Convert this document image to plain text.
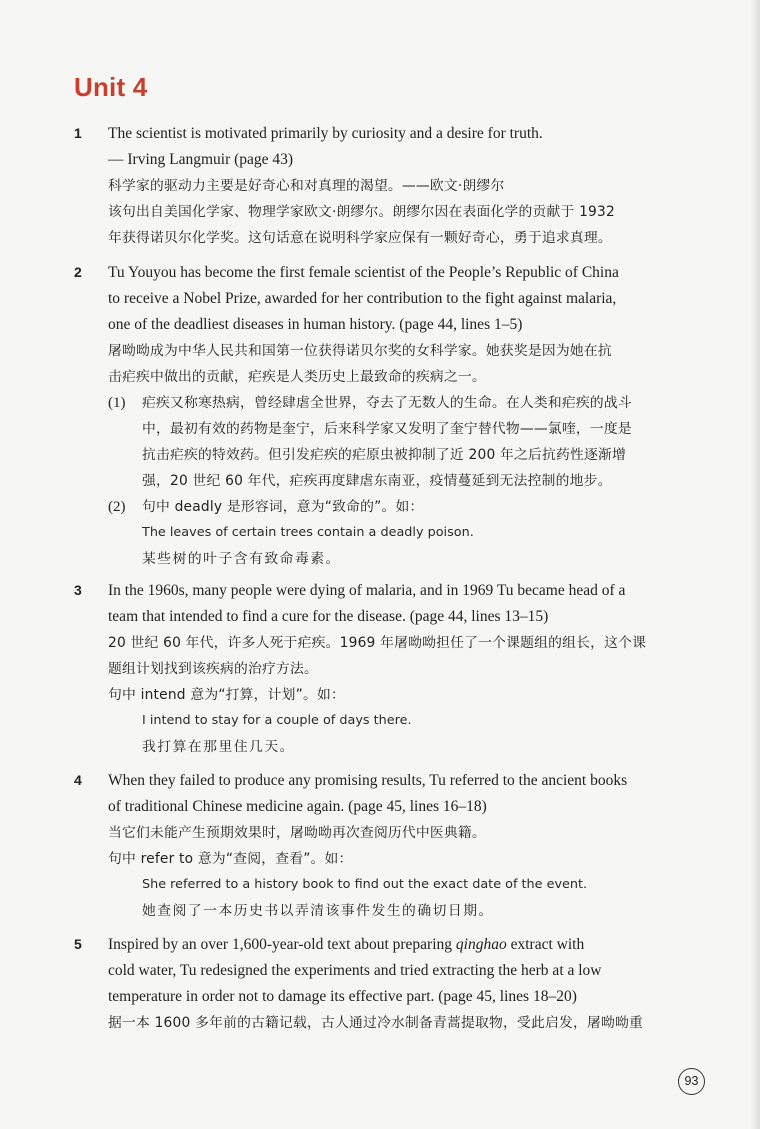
Unit 4
1 The scientist is motivated primarily by curiosity and a desire for truth.
— Irving Langmuir (page 43)
科学家的驱动力主要是好奇心和对真理的渴望。——欧文·朗缪尔
该句出自美国化学家、物理学家欧文·朗缪尔。朗缪尔因在表面化学的贡献于 1932
年获得诺贝尔化学奖。这句话意在说明科学家应保有一颗好奇心，勇于追求真理。
2 Tu Youyou has become the first female scientist of the People’s Republic of China
to receive a Nobel Prize, awarded for her contribution to the fight against malaria,
one of the deadliest diseases in human history. (page 44, lines 1–5)
屠呦呦成为中华人民共和国第一位获得诺贝尔奖的女科学家。她获奖是因为她在抗
击疟疾中做出的贡献，疟疾是人类历史上最致命的疾病之一。
(1) 疟疾又称寒热病，曾经肆虐全世界，夺去了无数人的生命。在人类和疟疾的战斗
中，最初有效的药物是奎宁，后来科学家又发明了奎宁替代物——氯喹，一度是
抗击疟疾的特效药。但引发疟疾的疟原虫被抑制了近 200 年之后抗药性逐渐增
强，20 世纪 60 年代，疟疾再度肆虐东南亚，疫情蔓延到无法控制的地步。
(2) 句中 deadly 是形容词，意为“致命的”。如：
The leaves of certain trees contain a deadly poison.
某些树的叶子含有致命毒素。
3 In the 1960s, many people were dying of malaria, and in 1969 Tu became head of a
team that intended to find a cure for the disease. (page 44, lines 13–15)
20 世纪 60 年代，许多人死于疟疾。1969 年屠呦呦担任了一个课题组的组长，这个课
题组计划找到该疾病的治疗方法。
句中 intend 意为“打算，计划”。如：
I intend to stay for a couple of days there.
我打算在那里住几天。
4 When they failed to produce any promising results, Tu referred to the ancient books
of traditional Chinese medicine again. (page 45, lines 16–18)
当它们未能产生预期效果时，屠呦呦再次查阅历代中医典籍。
句中 refer to 意为“查阅，查看”。如：
She referred to a history book to find out the exact date of the event.
她查阅了一本历史书以弄清该事件发生的确切日期。
5 Inspired by an over 1,600-year-old text about preparing qinghao extract with
cold water, Tu redesigned the experiments and tried extracting the herb at a low
temperature in order not to damage its effective part. (page 45, lines 18–20)
据一本 1600 多年前的古籍记载，古人通过冷水制备青蒿提取物，受此启发，屠呦呦重
93
